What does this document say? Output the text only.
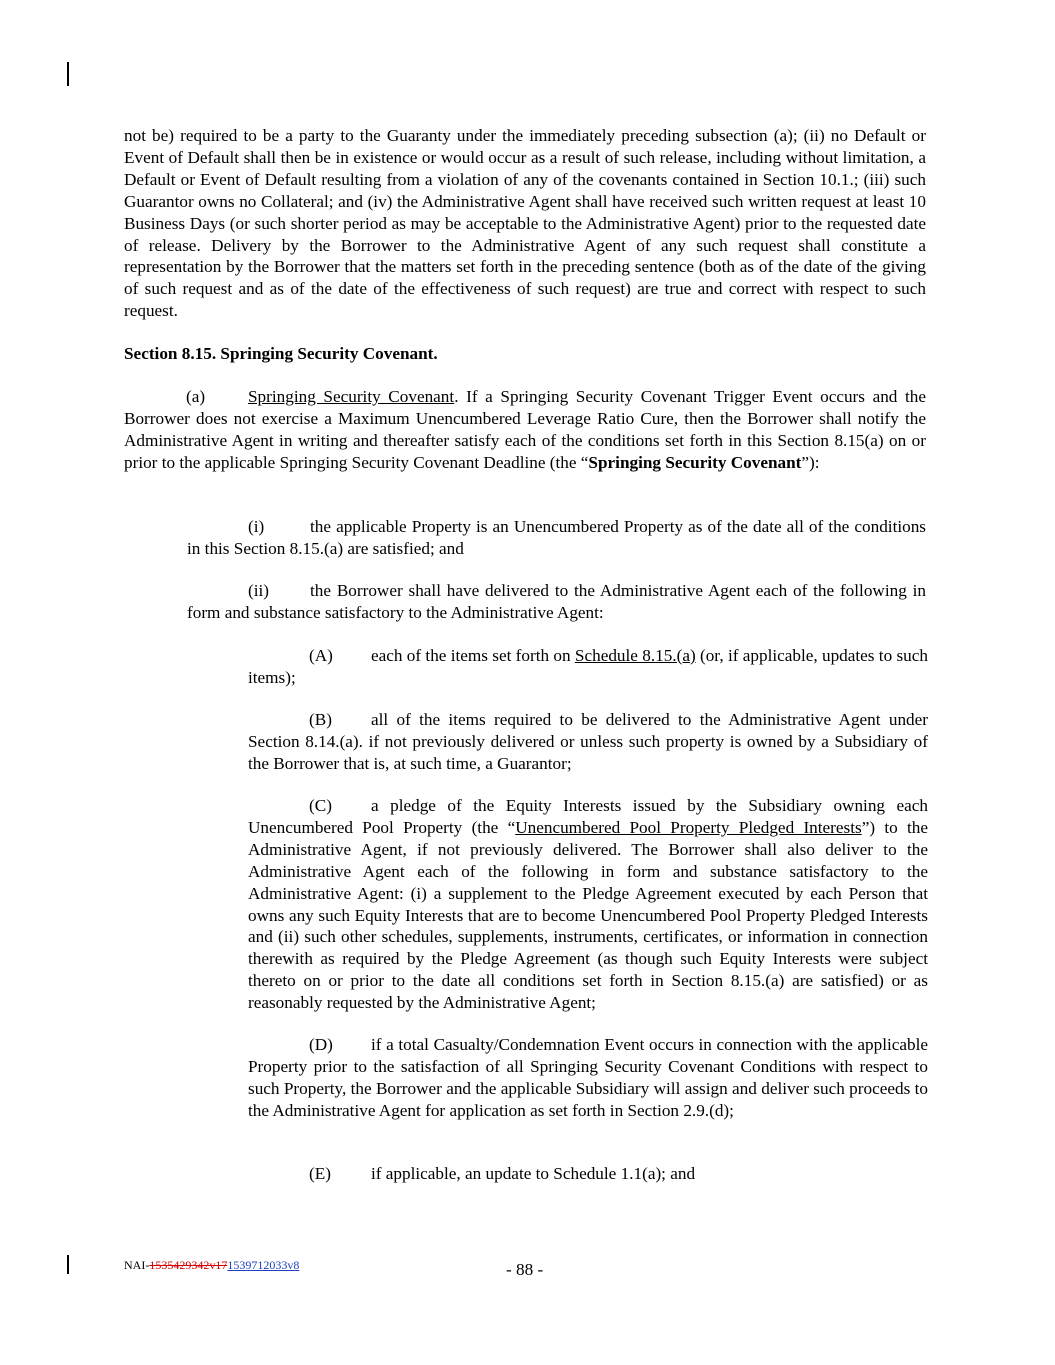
not be) required to be a party to the Guaranty under the immediately preceding subsection (a); (ii) no Default or Event of Default shall then be in existence or would occur as a result of such release, including without limitation, a Default or Event of Default resulting from a violation of any of the covenants contained in Section 10.1.; (iii) such Guarantor owns no Collateral; and (iv) the Administrative Agent shall have received such written request at least 10 Business Days (or such shorter period as may be acceptable to the Administrative Agent) prior to the requested date of release. Delivery by the Borrower to the Administrative Agent of any such request shall constitute a representation by the Borrower that the matters set forth in the preceding sentence (both as of the date of the giving of such request and as of the date of the effectiveness of such request) are true and correct with respect to such request.

Section 8.15. Springing Security Covenant.

(a) Springing Security Covenant. If a Springing Security Covenant Trigger Event occurs and the Borrower does not exercise a Maximum Unencumbered Leverage Ratio Cure, then the Borrower shall notify the Administrative Agent in writing and thereafter satisfy each of the conditions set forth in this Section 8.15(a) on or prior to the applicable Springing Security Covenant Deadline (the “Springing Security Covenant”):

(i)	the applicable Property is an Unencumbered Property as of the date all of the conditions in this Section 8.15.(a) are satisfied; and

(ii) the Borrower shall have delivered to the Administrative Agent each of the following in form and substance satisfactory to the Administrative Agent:

(A) each of the items set forth on Schedule 8.15.(a) (or, if applicable, updates to such items);

(B) all of the items required to be delivered to the Administrative Agent under Section 8.14.(a). if not previously delivered or unless such property is owned by a Subsidiary of the Borrower that is, at such time, a Guarantor;

(C) a pledge of the Equity Interests issued by the Subsidiary owning each Unencumbered Pool Property (the “Unencumbered Pool Property Pledged Interests”) to the Administrative Agent, if not previously delivered. The Borrower shall also deliver to the Administrative Agent each of the following in form and substance satisfactory to the Administrative Agent: (i) a supplement to the Pledge Agreement executed by each Person that owns any such Equity Interests that are to become Unencumbered Pool Property Pledged Interests and (ii) such other schedules, supplements, instruments, certificates, or information in connection therewith as required by the Pledge Agreement (as though such Equity Interests were subject thereto on or prior to the date all conditions set forth in Section 8.15.(a) are satisfied) or as reasonably requested by the Administrative Agent;

(D) if a total Casualty/Condemnation Event occurs in connection with the applicable Property prior to the satisfaction of all Springing Security Covenant Conditions with respect to such Property, the Borrower and the applicable Subsidiary will assign and deliver such proceeds to the Administrative Agent for application as set forth in Section 2.9.(d);

(E) if applicable, an update to Schedule 1.1(a); and

NAI-1535429342v171539712033v8	- 88 -
